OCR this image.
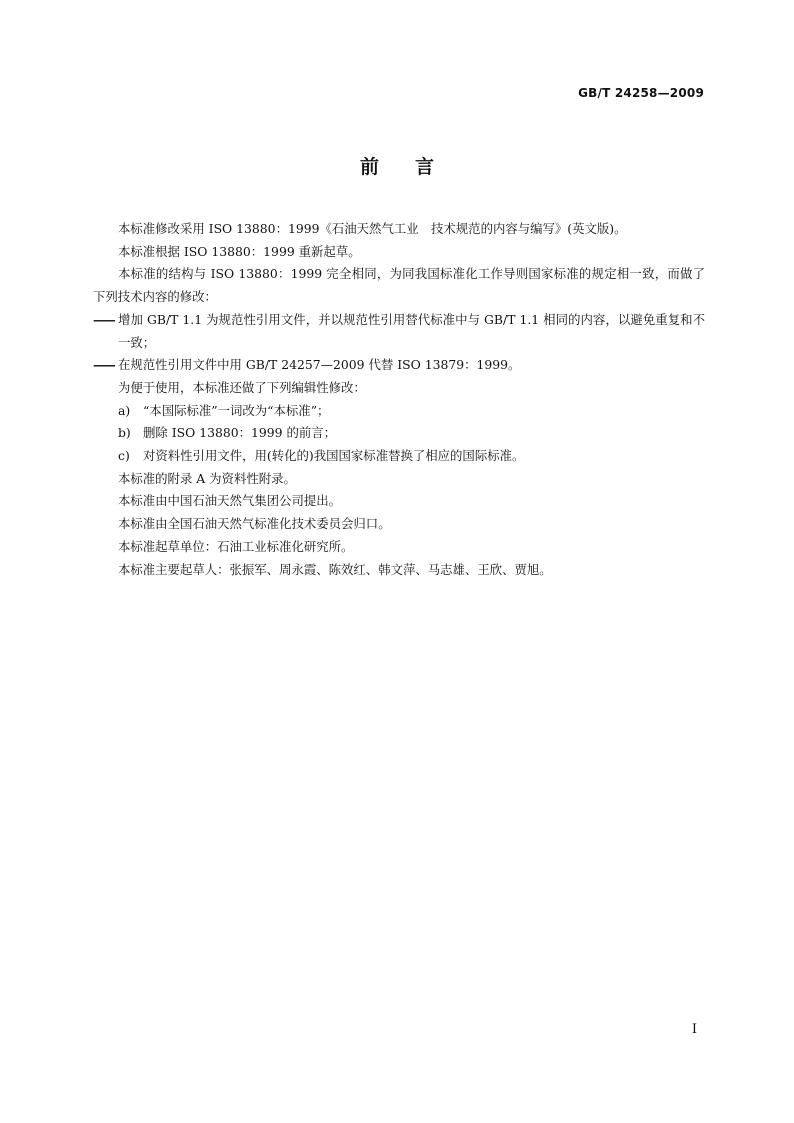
GB/T 24258—2009
前言

本标准修改采用 ISO 13880：1999《石油天然气工业　技术规范的内容与编写》(英文版)。

本标准根据 ISO 13880：1999 重新起草。

本标准的结构与 ISO 13880：1999 完全相同，为同我国标准化工作导则国家标准的规定相一致，而做了下列技术内容的修改：

—— 增加 GB/T 1.1 为规范性引用文件，并以规范性引用替代标准中与 GB/T 1.1 相同的内容，以避免重复和不一致；

—— 在规范性引用文件中用 GB/T 24257—2009 代替 ISO 13879：1999。

为便于使用，本标准还做了下列编辑性修改：

a) “本国际标准”一词改为“本标准”；

b) 删除 ISO 13880：1999 的前言；

c) 对资料性引用文件，用(转化的)我国国家标准替换了相应的国际标准。

本标准的附录 A 为资料性附录。

本标准由中国石油天然气集团公司提出。

本标准由全国石油天然气标准化技术委员会归口。

本标准起草单位：石油工业标准化研究所。

本标准主要起草人：张振军、周永霞、陈效红、韩文萍、马志雄、王欣、贾旭。

I
